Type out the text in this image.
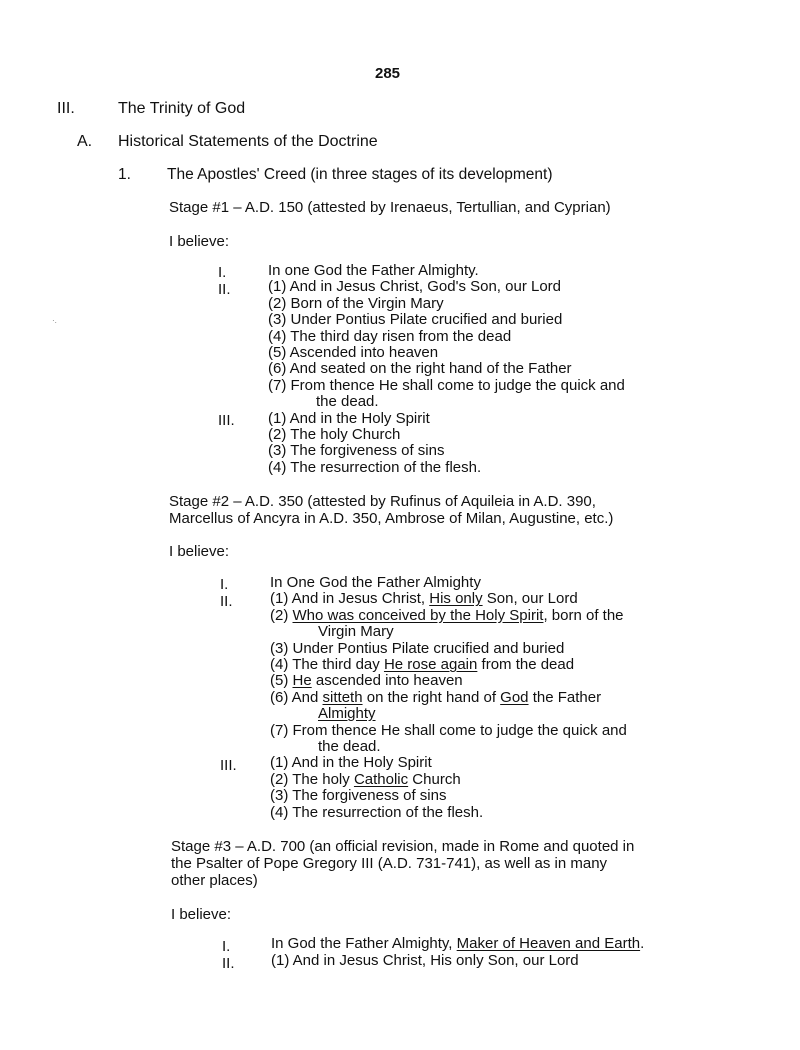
285
III.	The Trinity of God
A. Historical Statements of the Doctrine
1. The Apostles' Creed (in three stages of its development)
·.
Stage #1 – A.D. 150 (attested by Irenaeus, Tertullian, and Cyprian)
I believe:
I.
II.
III.
In one God the Father Almighty.
(1) And in Jesus Christ, God's Son, our Lord
(2) Born of the Virgin Mary
(3) Under Pontius Pilate crucified and buried
(4) The third day risen from the dead
(5) Ascended into heaven
(6) And seated on the right hand of the Father
(7) From thence He shall come to judge the quick and
the dead.
(1) And in the Holy Spirit
(2) The holy Church
(3) The forgiveness of sins
(4) The resurrection of the flesh.
Stage #2 – A.D. 350 (attested by Rufinus of Aquileia in A.D. 390,
Marcellus of Ancyra in A.D. 350, Ambrose of Milan, Augustine, etc.)
I believe:
I.
II.
III.
In One God the Father Almighty
(1) And in Jesus Christ, His only Son, our Lord
(2) Who was conceived by the Holy Spirit, born of the
Virgin Mary
(3) Under Pontius Pilate crucified and buried
(4) The third day He rose again from the dead
(5) He ascended into heaven
(6) And sitteth on the right hand of God the Father
Almighty
(7) From thence He shall come to judge the quick and
the dead.
(1) And in the Holy Spirit
(2) The holy Catholic Church
(3) The forgiveness of sins
(4) The resurrection of the flesh.
Stage #3 – A.D. 700 (an official revision, made in Rome and quoted in
the Psalter of Pope Gregory III (A.D. 731-741), as well as in many
other places)
I believe:
I.
II.
In God the Father Almighty, Maker of Heaven and Earth.
(1) And in Jesus Christ, His only Son, our Lord
